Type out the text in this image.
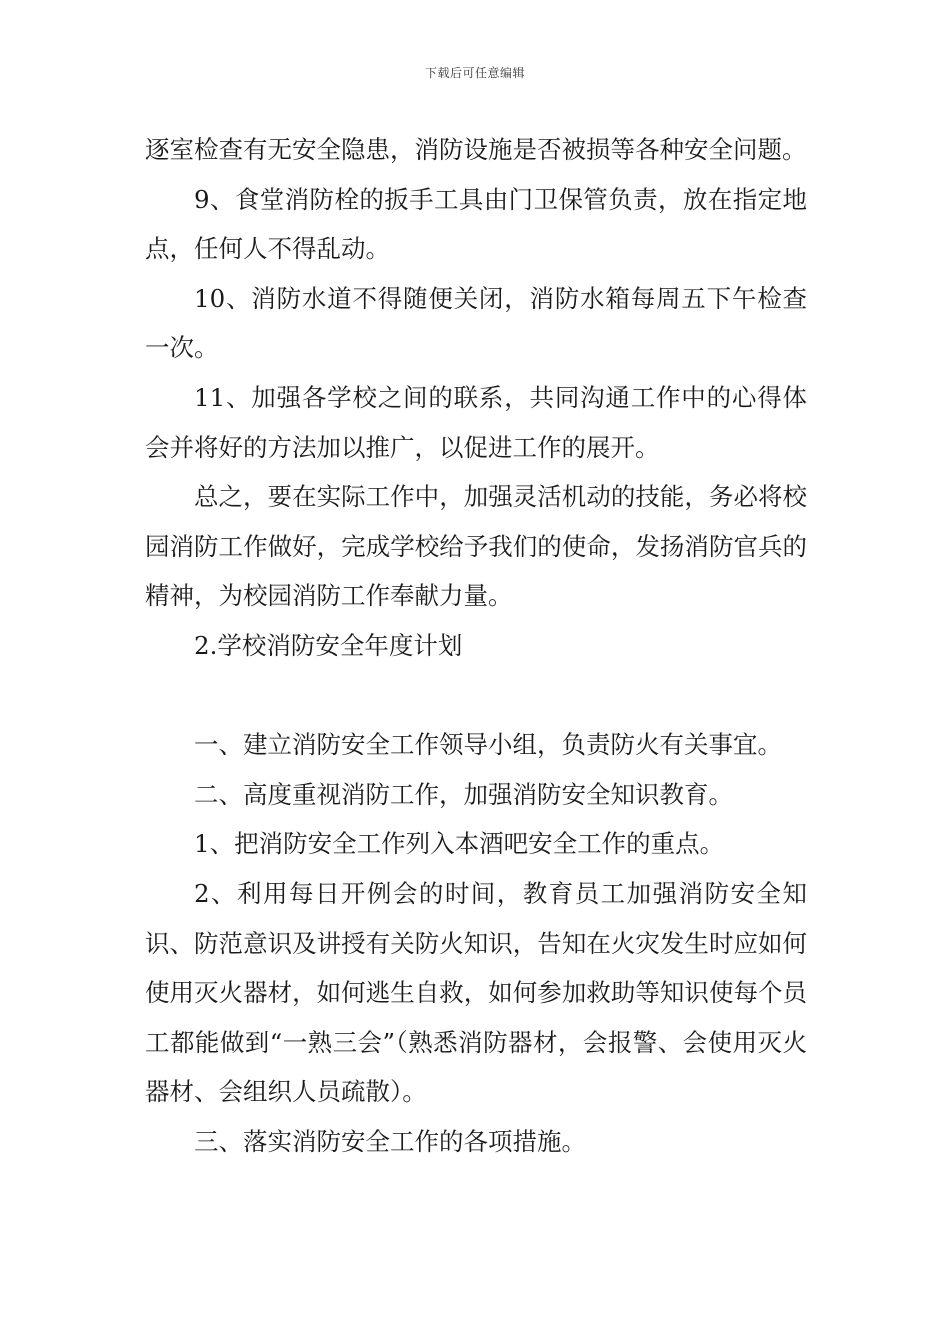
下载后可任意编辑

逐室检查有无安全隐患，消防设施是否被损等各种安全问题。

9、食堂消防栓的扳手工具由门卫保管负责，放在指定地点，任何人不得乱动。

10、消防水道不得随便关闭，消防水箱每周五下午检查一次。

11、加强各学校之间的联系，共同沟通工作中的心得体会并将好的方法加以推广，以促进工作的展开。

总之，要在实际工作中，加强灵活机动的技能，务必将校园消防工作做好，完成学校给予我们的使命，发扬消防官兵的精神，为校园消防工作奉献力量。

2.学校消防安全年度计划

一、建立消防安全工作领导小组，负责防火有关事宜。

二、高度重视消防工作，加强消防安全知识教育。

1、把消防安全工作列入本酒吧安全工作的重点。

2、利用每日开例会的时间，教育员工加强消防安全知识、防范意识及讲授有关防火知识，告知在火灾发生时应如何使用灭火器材，如何逃生自救，如何参加救助等知识使每个员工都能做到“一熟三会”（熟悉消防器材，会报警、会使用灭火器材、会组织人员疏散）。

三、落实消防安全工作的各项措施。
